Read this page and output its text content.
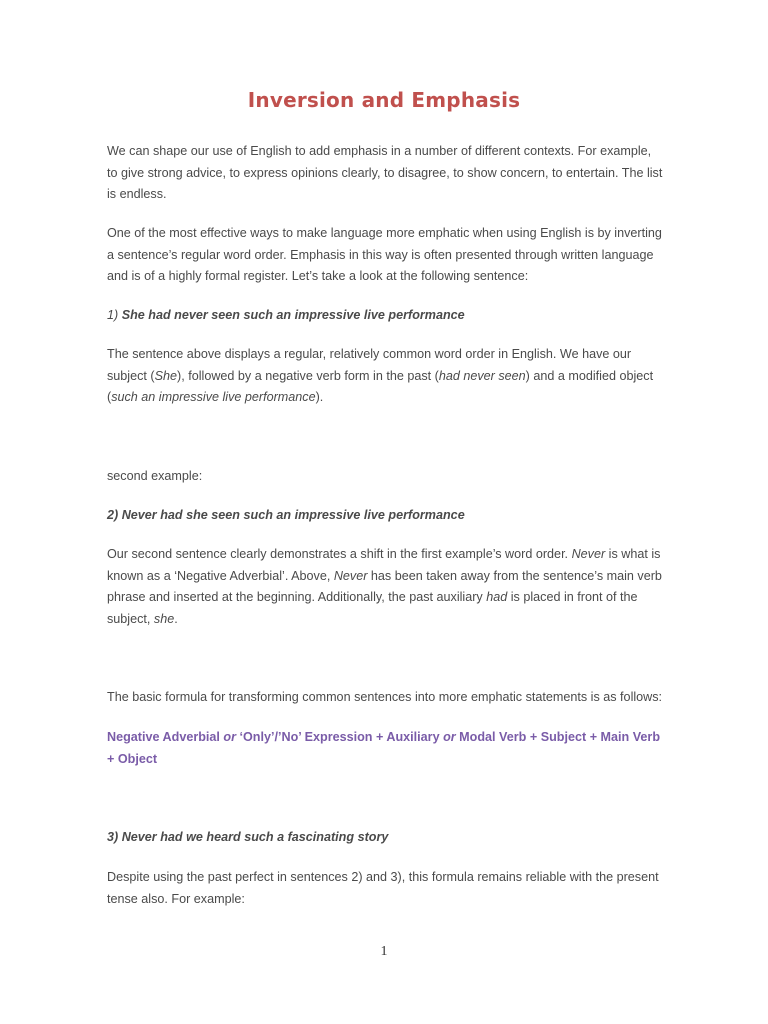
Inversion and Emphasis

We can shape our use of English to add emphasis in a number of different contexts. For example, to give strong advice, to express opinions clearly, to disagree, to show concern, to entertain. The list is endless.

One of the most effective ways to make language more emphatic when using English is by inverting a sentence’s regular word order. Emphasis in this way is often presented through written language and is of a highly formal register. Let’s take a look at the following sentence:

1) She had never seen such an impressive live performance

The sentence above displays a regular, relatively common word order in English. We have our subject (She), followed by a negative verb form in the past (had never seen) and a modified object (such an impressive live performance).

second example:

2) Never had she seen such an impressive live performance

Our second sentence clearly demonstrates a shift in the first example’s word order. Never is what is known as a ‘Negative Adverbial’. Above, Never has been taken away from the sentence’s main verb phrase and inserted at the beginning. Additionally, the past auxiliary had is placed in front of the subject, she.

The basic formula for transforming common sentences into more emphatic statements is as follows:

Negative Adverbial or ‘Only’/’No’ Expression + Auxiliary or Modal Verb + Subject + Main Verb + Object

3) Never had we heard such a fascinating story

Despite using the past perfect in sentences 2) and 3), this formula remains reliable with the present tense also. For example:

1
